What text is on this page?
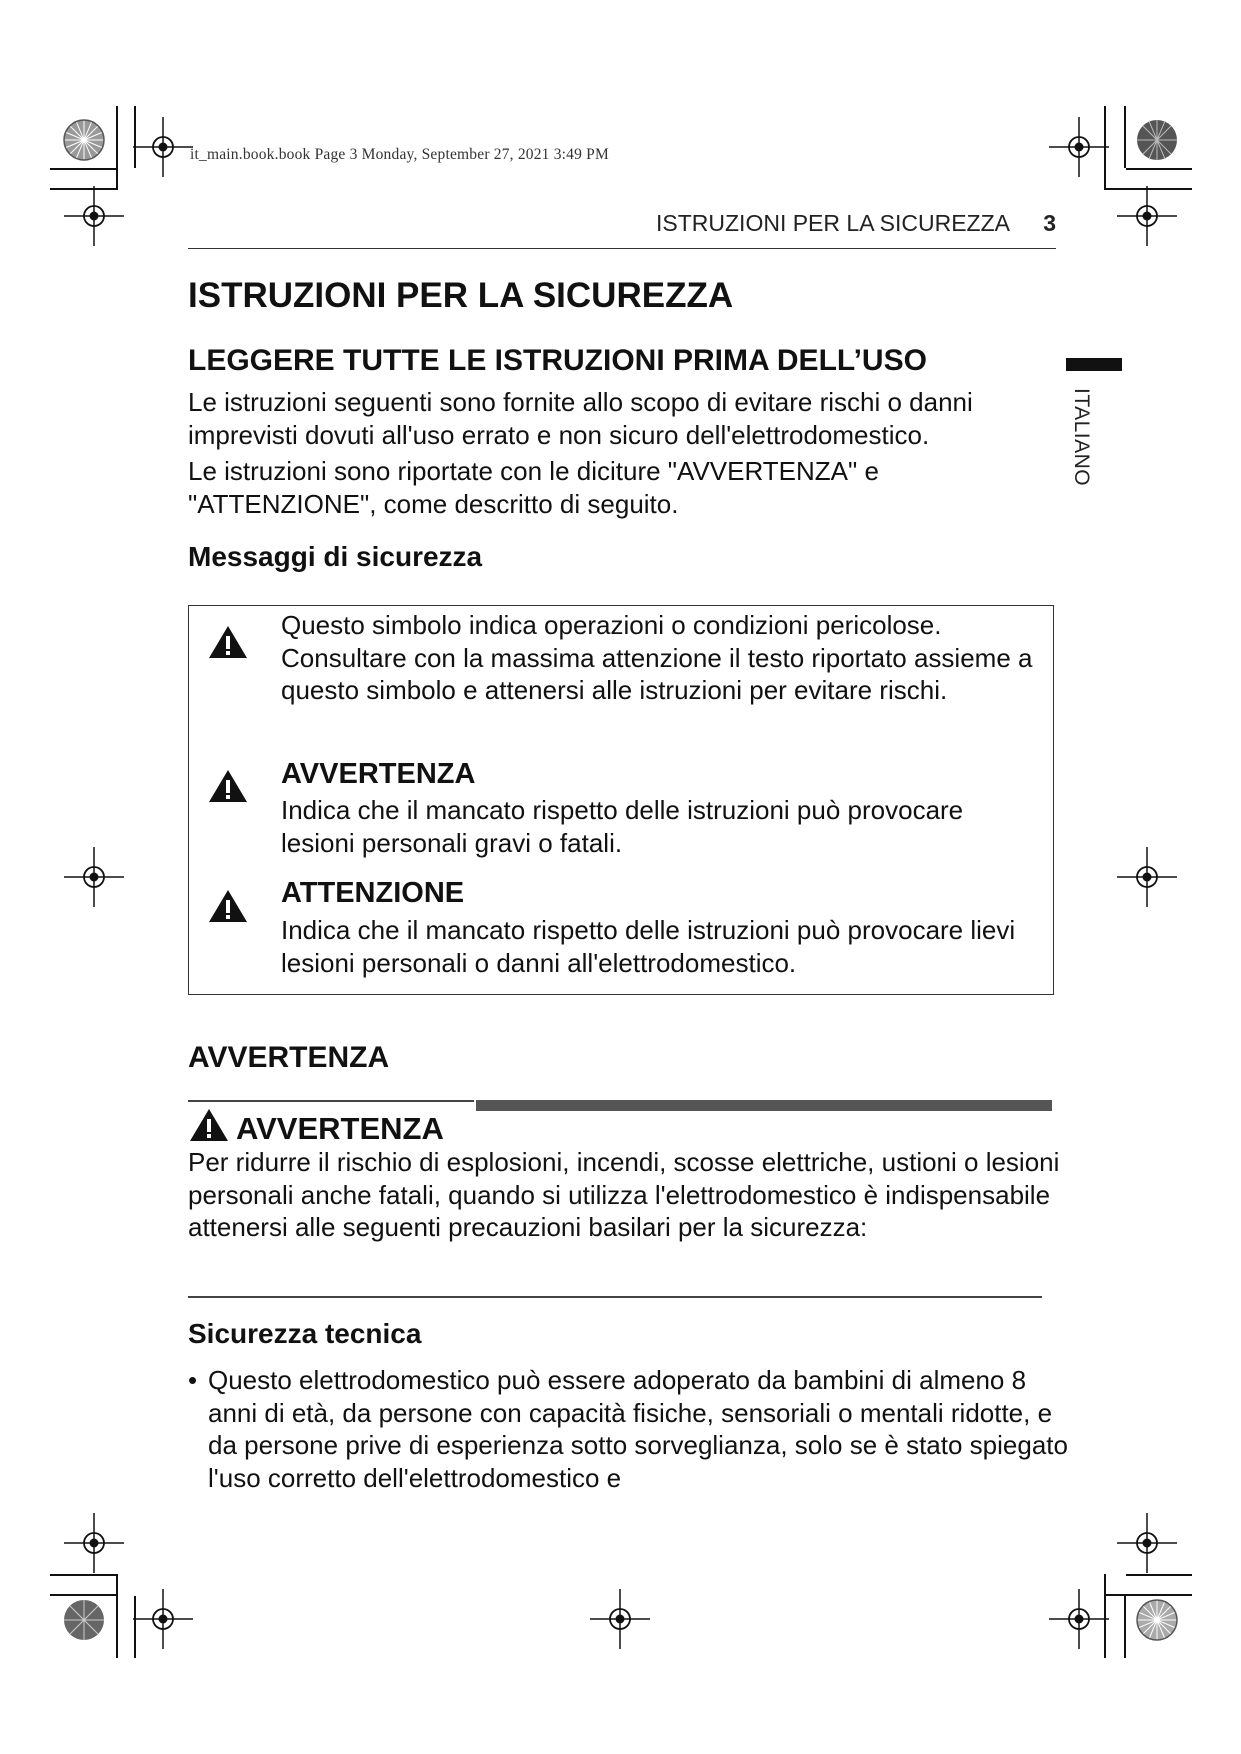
it_main.book.book Page 3 Monday, September 27, 2021 3:49 PM
ISTRUZIONI PER LA SICUREZZA 3
ITALIANO
ISTRUZIONI PER LA SICUREZZA
LEGGERE TUTTE LE ISTRUZIONI PRIMA DELL’USO

Le istruzioni seguenti sono fornite allo scopo di evitare rischi o danni imprevisti dovuti all'uso errato e non sicuro dell'elettrodomestico.

Le istruzioni sono riportate con le diciture "AVVERTENZA" e "ATTENZIONE", come descritto di seguito.

Messaggi di sicurezza

Questo simbolo indica operazioni o condizioni pericolose. Consultare con la massima attenzione il testo riportato assieme a questo simbolo e attenersi alle istruzioni per evitare rischi.

AVVERTENZA

Indica che il mancato rispetto delle istruzioni può provocare lesioni personali gravi o fatali.

ATTENZIONE

Indica che il mancato rispetto delle istruzioni può provocare lievi lesioni personali o danni all'elettrodomestico.

AVVERTENZA
AVVERTENZA

Per ridurre il rischio di esplosioni, incendi, scosse elettriche, ustioni o lesioni personali anche fatali, quando si utilizza l'elettrodomestico è indispensabile attenersi alle seguenti precauzioni basilari per la sicurezza:

Sicurezza tecnica

• Questo elettrodomestico può essere adoperato da bambini di almeno 8 anni di età, da persone con capacità fisiche, sensoriali o mentali ridotte, e da persone prive di esperienza sotto sorveglianza, solo se è stato spiegato l'uso corretto dell'elettrodomestico e
